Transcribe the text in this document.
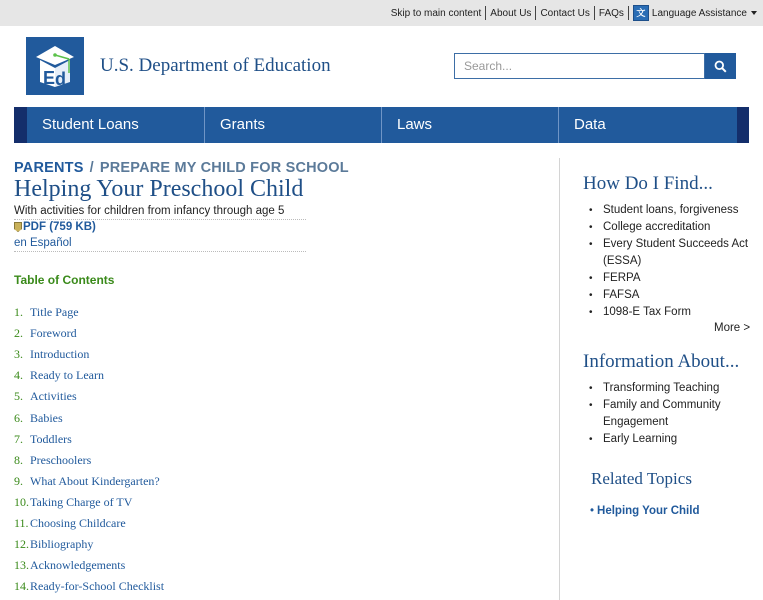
Skip to main content About Us Contact Us FAQs	文 Language Assistance
E d
U.S. Department of Education
Search...
Student Loans	Grants	Laws	Data
PARENTS / PREPARE MY CHILD FOR SCHOOL
Helping Your Preschool Child
With activities for children from infancy through age 5
PDF (759 KB)
en Español
Table of Contents
1. Title Page
2. Foreword
3. Introduction
4. Ready to Learn
5. Activities
6. Babies
7. Toddlers
8. Preschoolers
9. What About Kindergarten?
10. Taking Charge of TV
11. Choosing Childcare
12. Bibliography
13. Acknowledgements
14. Ready-for-School Checklist
How Do I Find...
• Student loans, forgiveness
• College accreditation
• Every Student Succeeds Act (ESSA)
• FERPA
• FAFSA
• 1098-E Tax Form
More >
Information About...
• Transforming Teaching
• Family and Community Engagement
• Early Learning
Related Topics
• Helping Your Child
